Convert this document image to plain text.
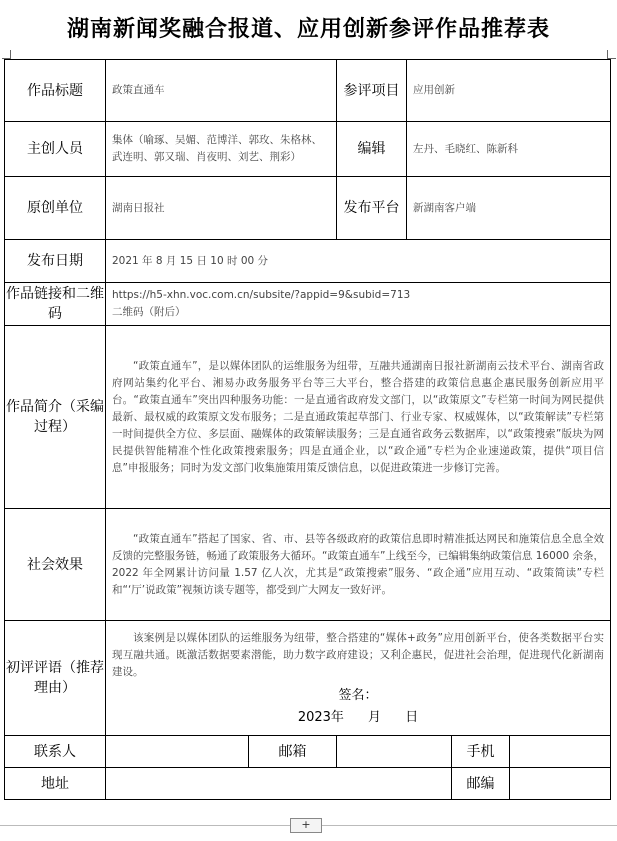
湖南新闻奖融合报道、应用创新参评作品推荐表
作品标题	政策直通车		参评项目	应用创新		
主创人员	集体（喻琢、吴媚、范博洋、郭玫、朱格林、武连明、郭又瑞、肖夜明、刘艺、荆彩）		编辑	左丹、毛晓红、陈新科		
原创单位	湖南日报社		发布平台	新湖南客户端		
发布日期	2021 年 8 月 15 日 10 时 00 分					
作品链接和二维码	https://h5-xhn.voc.com.cn/subsite/?appid=9&subid=713
二维码（附后）					

作品简介（采编过程）	“政策直通车”，是以媒体团队的运维服务为纽带，互融共通湖南日报社新湖南云技术平台、湖南省政府网站集约化平台、湘易办政务服务平台等三大平台，整合搭建的政策信息惠企惠民服务创新应用平台。“政策直通车”突出四种服务功能：一是直通省政府发文部门，以“政策原文”专栏第一时间为网民提供最新、最权威的政策原文发布服务；二是直通政策起草部门、行业专家、权威媒体，以“政策解读”专栏第一时间提供全方位、多层面、融媒体的政策解读服务；三是直通省政务云数据库，以“政策搜索”版块为网民提供智能精准个性化政策搜索服务；四是直通企业，以“政企通”专栏为企业速递政策，提供“项目信息”申报服务；同时为发文部门收集施策用策反馈信息，以促进政策进一步修订完善。					

社会效果	“政策直通车”搭起了国家、省、市、县等各级政府的政策信息即时精准抵达网民和施策信息全息全效反馈的完整服务链，畅通了政策服务大循环。“政策直通车”上线至今，已编辑集纳政策信息 16000 余条，2022 年全网累计访问量 1.57 亿人次，尤其是“政策搜索”服务、“政企通”应用互动、“政策简读”专栏和“‘厅’说政策”视频访谈专题等，都受到广大网友一致好评。					

初评评语（推荐理由）	该案例是以媒体团队的运维服务为纽带，整合搭建的“媒体+政务”应用创新平台，使各类数据平台实现互融共通。既激活数据要素潜能，助力数字政府建设；又利企惠民，促进社会治理，促进现代化新湖南建设。

签名：
2023年 月 日					

联系人		邮箱			手机	
地址					邮编	
+
